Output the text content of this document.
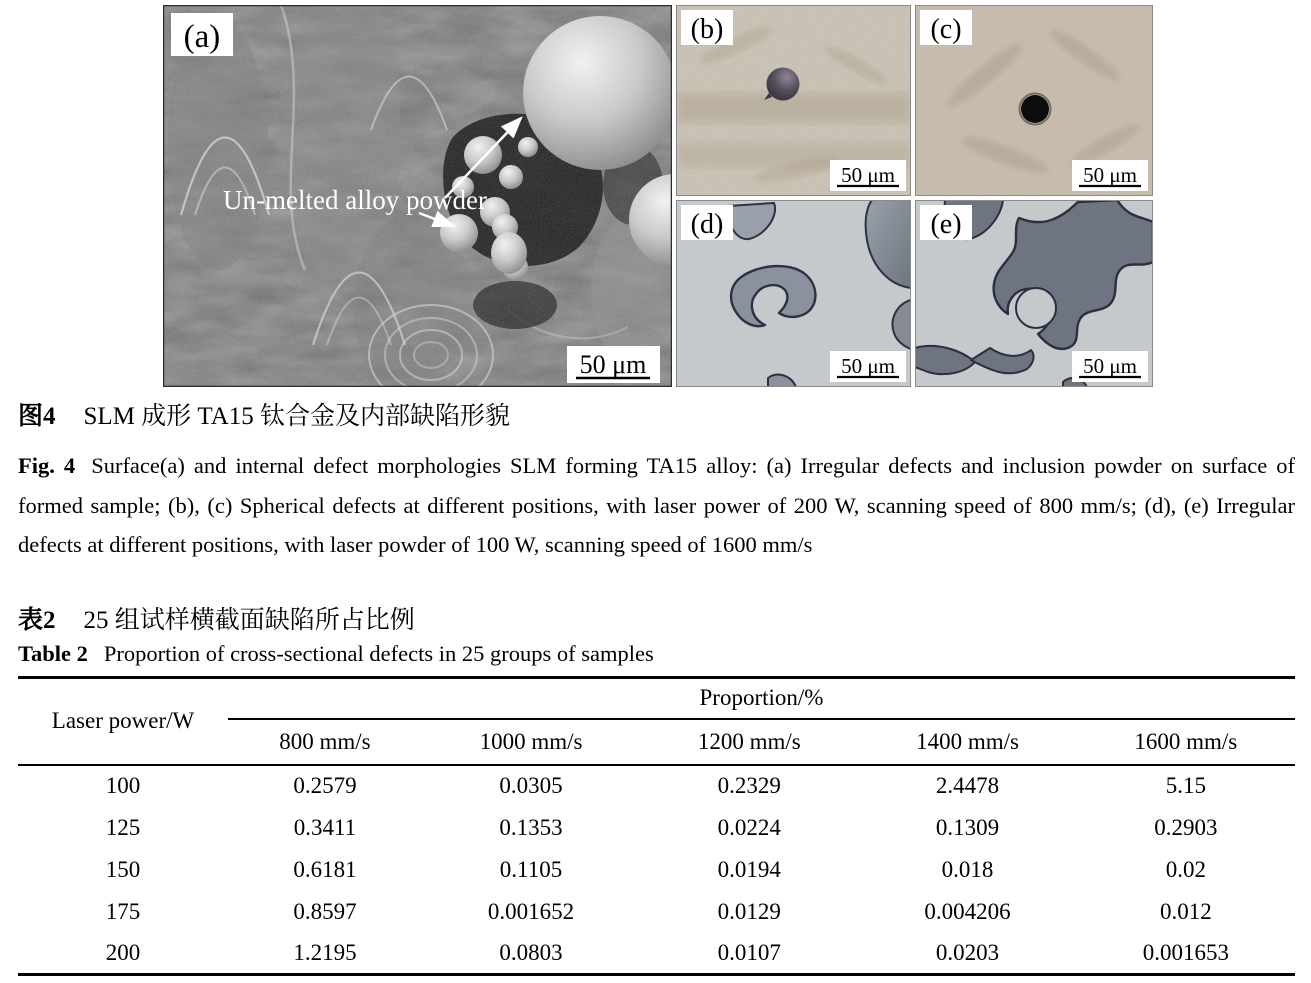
Un-melted alloy powder
(a)
50 μm
(b)
50 μm
(c)
50 μm
(d)
50 μm
(e)
50 μm

图4 SLM 成形 TA15 钛合金及内部缺陷形貌

Fig. 4 Surface(a) and internal defect morphologies SLM forming TA15 alloy: (a) Irregular defects and inclusion powder on surface of formed sample; (b), (c) Spherical defects at different positions, with laser power of 200 W, scanning speed of 800 mm/s; (d), (e) Irregular defects at different positions, with laser powder of 100 W, scanning speed of 1600 mm/s

表2 25 组试样横截面缺陷所占比例

Table 2 Proportion of cross-sectional defects in 25 groups of samples

Laser power/W	Proportion/%				
	800 mm/s	1000 mm/s	1200 mm/s	1400 mm/s	1600 mm/s
100	0.2579	0.0305	0.2329	2.4478	5.15
125	0.3411	0.1353	0.0224	0.1309	0.2903
150	0.6181	0.1105	0.0194	0.018	0.02
175	0.8597	0.001652	0.0129	0.004206	0.012
200	1.2195	0.0803	0.0107	0.0203	0.001653
